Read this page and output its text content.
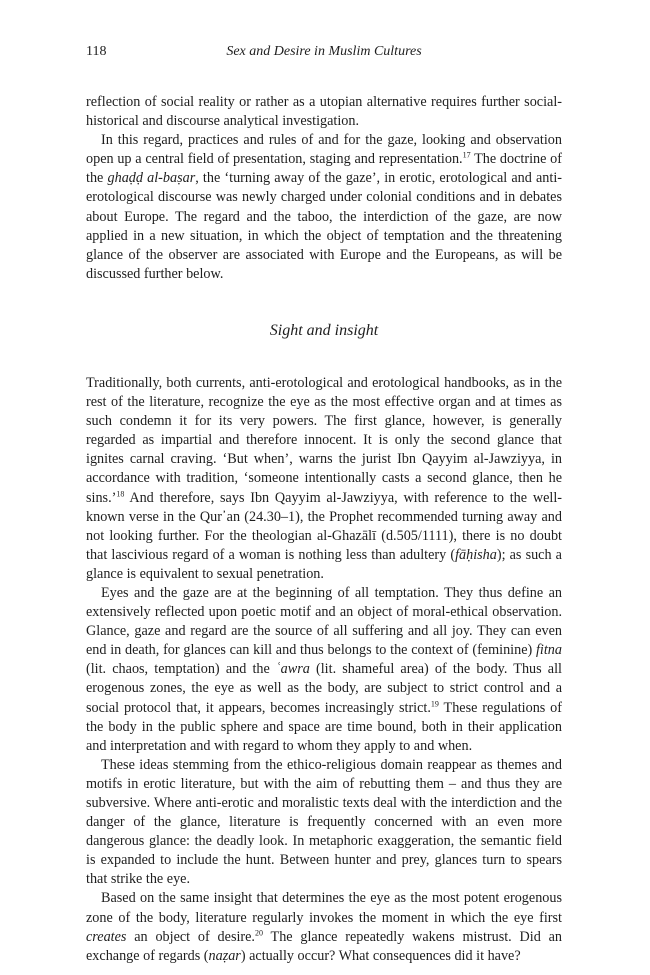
118	Sex and Desire in Muslim Cultures

reflection of social reality or rather as a utopian alternative requires further social-historical and discourse analytical investigation.

In this regard, practices and rules of and for the gaze, looking and observation open up a central field of presentation, staging and representation.$^{17}$ The doctrine of the ghaḍḍ al-baṣar, the ‘turning away of the gaze’, in erotic, erotological and anti-erotological discourse was newly charged under colonial conditions and in debates about Europe. The regard and the taboo, the interdiction of the gaze, are now applied in a new situation, in which the object of temptation and the threatening glance of the observer are associated with Europe and the Europeans, as will be discussed further below.

Sight and insight

Traditionally, both currents, anti-erotological and erotological handbooks, as in the rest of the literature, recognize the eye as the most effective organ and at times as such condemn it for its very powers. The first glance, however, is generally regarded as impartial and therefore innocent. It is only the second glance that ignites carnal craving. ‘But when’, warns the jurist Ibn Qayyim al-Jawziyya, in accordance with tradition, ‘someone intentionally casts a second glance, then he sins.’$^{18}$ And therefore, says Ibn Qayyim al-Jawziyya, with reference to the well-known verse in the Qur᾿an (24.30–1), the Prophet recommended turning away and not looking further. For the theologian al-Ghazālī (d.505/1111), there is no doubt that lascivious regard of a woman is nothing less than adultery (fāḥisha); as such a glance is equivalent to sexual penetration.

Eyes and the gaze are at the beginning of all temptation. They thus define an extensively reflected upon poetic motif and an object of moral-ethical observation. Glance, gaze and regard are the source of all suffering and all joy. They can even end in death, for glances can kill and thus belongs to the context of (feminine) fitna (lit. chaos, temptation) and the ʿawra (lit. shameful area) of the body. Thus all erogenous zones, the eye as well as the body, are subject to strict control and a social protocol that, it appears, becomes increasingly strict.$^{19}$ These regulations of the body in the public sphere and space are time bound, both in their application and interpretation and with regard to whom they apply to and when.

These ideas stemming from the ethico-religious domain reappear as themes and motifs in erotic literature, but with the aim of rebutting them – and thus they are subversive. Where anti-erotic and moralistic texts deal with the interdiction and the danger of the glance, literature is frequently concerned with an even more dangerous glance: the deadly look. In metaphoric exaggeration, the semantic field is expanded to include the hunt. Between hunter and prey, glances turn to spears that strike the eye.

Based on the same insight that determines the eye as the most potent erogenous zone of the body, literature regularly invokes the moment in which the eye first creates an object of desire.$^{20}$ The glance repeatedly wakens mistrust. Did an exchange of regards (naẓar) actually occur? What consequences did it have?
